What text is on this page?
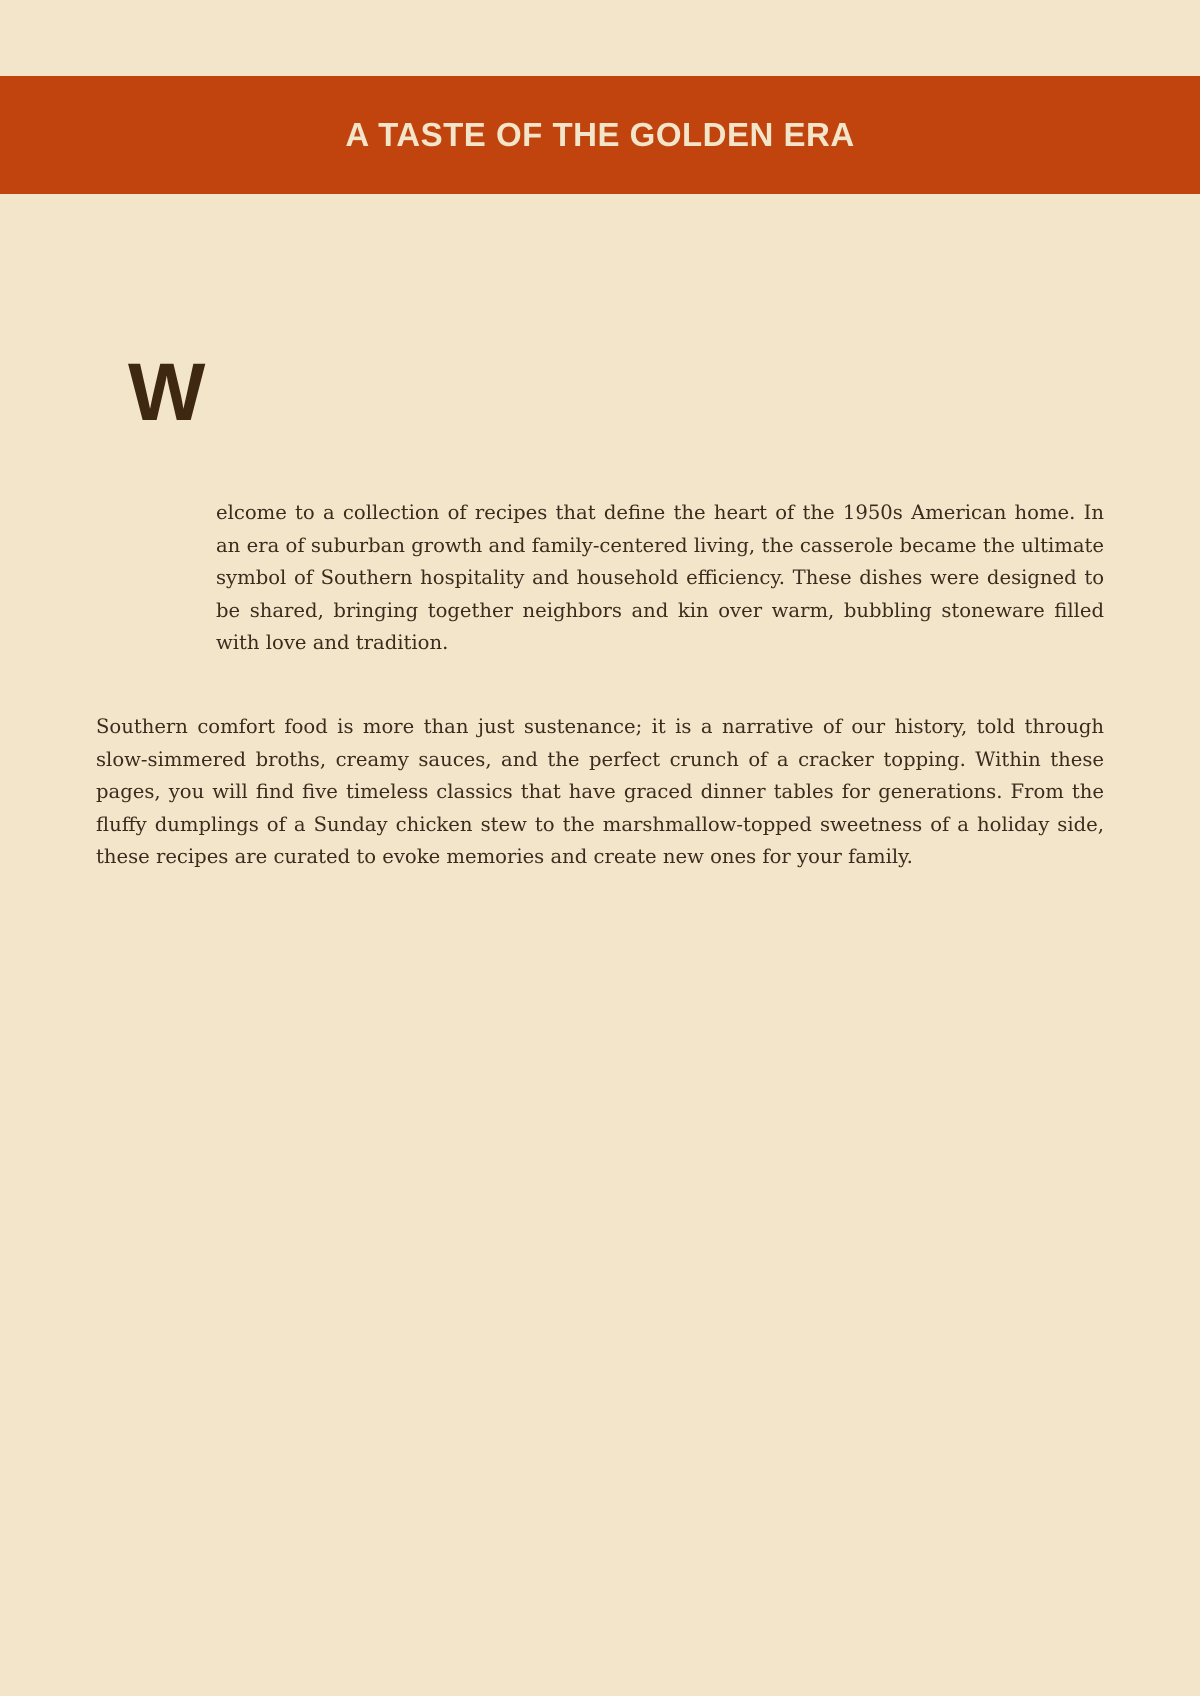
A TASTE OF THE GOLDEN ERA
W

elcome to a collection of recipes that define the heart of the 1950s American home. In an era of suburban growth and family-centered living, the casserole became the ultimate symbol of Southern hospitality and household efficiency. These dishes were designed to be shared, bringing together neighbors and kin over warm, bubbling stoneware filled with love and tradition.

Southern comfort food is more than just sustenance; it is a narrative of our history, told through slow-simmered broths, creamy sauces, and the perfect crunch of a cracker topping. Within these pages, you will find five timeless classics that have graced dinner tables for generations. From the fluffy dumplings of a Sunday chicken stew to the marshmallow-topped sweetness of a holiday side, these recipes are curated to evoke memories and create new ones for your family.
